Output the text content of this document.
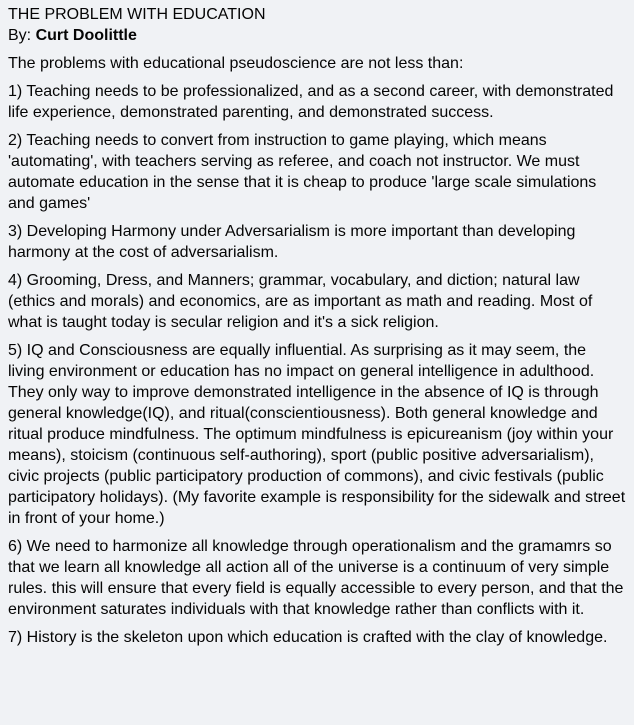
THE PROBLEM WITH EDUCATION
By: Curt Doolittle

The problems with educational pseudoscience are not less than:

1) Teaching needs to be professionalized, and as a second career, with demonstrated life experience, demonstrated parenting, and demonstrated success.

2) Teaching needs to convert from instruction to game playing, which means 'automating', with teachers serving as referee, and coach not instructor. We must automate education in the sense that it is cheap to produce 'large scale simulations and games'

3) Developing Harmony under Adversarialism is more important than developing harmony at the cost of adversarialism.

4) Grooming, Dress, and Manners; grammar, vocabulary, and diction; natural law (ethics and morals) and economics, are as important as math and reading. Most of what is taught today is secular religion and it's a sick religion.

5) IQ and Consciousness are equally influential. As surprising as it may seem, the living environment or education has no impact on general intelligence in adulthood. They only way to improve demonstrated intelligence in the absence of IQ is through general knowledge(IQ), and ritual(conscientiousness). Both general knowledge and ritual produce mindfulness. The optimum mindfulness is epicureanism (joy within your means), stoicism (continuous self-authoring), sport (public positive adversarialism), civic projects (public participatory production of commons), and civic festivals (public participatory holidays). (My favorite example is responsibility for the sidewalk and street in front of your home.)

6) We need to harmonize all knowledge through operationalism and the gramamrs so that we learn all knowledge all action all of the universe is a continuum of very simple rules. this will ensure that every field is equally accessible to every person, and that the environment saturates individuals with that knowledge rather than conflicts with it.

7) History is the skeleton upon which education is crafted with the clay of knowledge.
